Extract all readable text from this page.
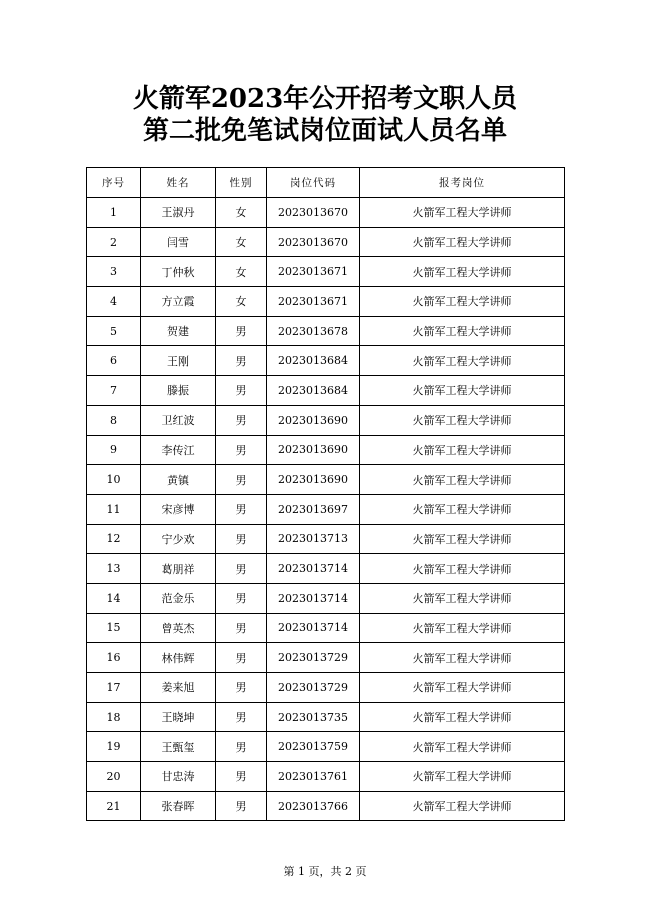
火箭军2023年公开招考文职人员
第二批免笔试岗位面试人员名单
序号	姓名	性别	岗位代码	报考岗位
1	王淑丹	女	2023013670	火箭军工程大学讲师
2	闫雪	女	2023013670	火箭军工程大学讲师
3	丁仲秋	女	2023013671	火箭军工程大学讲师
4	方立霞	女	2023013671	火箭军工程大学讲师
5	贺建	男	2023013678	火箭军工程大学讲师
6	王刚	男	2023013684	火箭军工程大学讲师
7	滕振	男	2023013684	火箭军工程大学讲师
8	卫红波	男	2023013690	火箭军工程大学讲师
9	李传江	男	2023013690	火箭军工程大学讲师
10	黄镇	男	2023013690	火箭军工程大学讲师
11	宋彦博	男	2023013697	火箭军工程大学讲师
12	宁少欢	男	2023013713	火箭军工程大学讲师
13	葛朋祥	男	2023013714	火箭军工程大学讲师
14	范金乐	男	2023013714	火箭军工程大学讲师
15	曾英杰	男	2023013714	火箭军工程大学讲师
16	林伟辉	男	2023013729	火箭军工程大学讲师
17	姜来旭	男	2023013729	火箭军工程大学讲师
18	王晓坤	男	2023013735	火箭军工程大学讲师
19	王甄玺	男	2023013759	火箭军工程大学讲师
20	甘忠涛	男	2023013761	火箭军工程大学讲师
21	张春晖	男	2023013766	火箭军工程大学讲师
第 1 页，共 2 页
